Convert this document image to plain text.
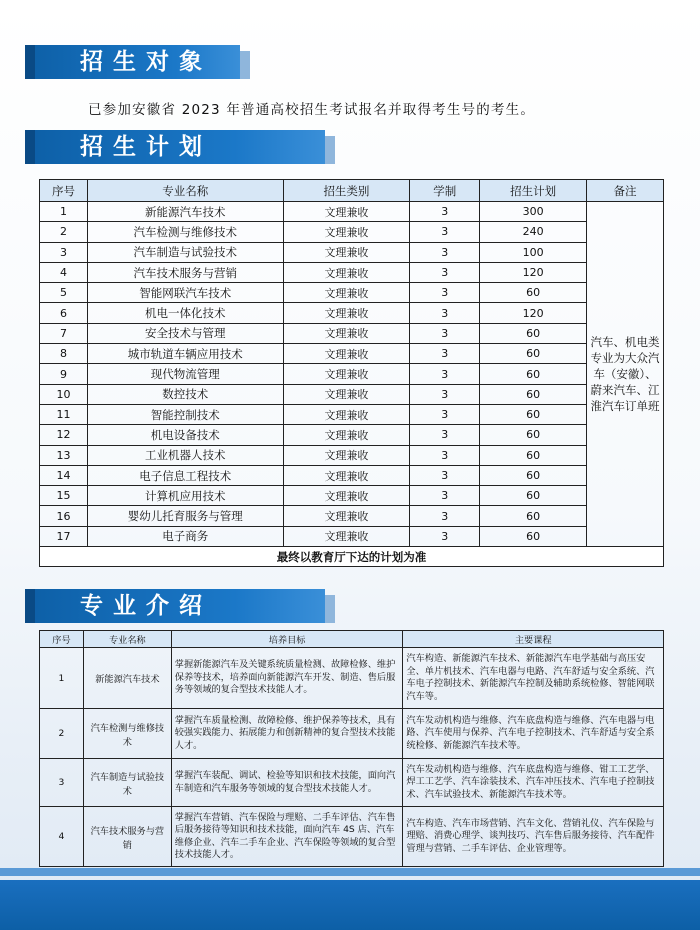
招生对象
已参加安徽省 2023 年普通高校招生考试报名并取得考生号的考生。
招生计划
序号	专业名称	招生类别	学制	招生计划	备注
1	新能源汽车技术	文理兼收	3	300	汽车、机电类专业为大众汽车（安徽）、蔚来汽车、江淮汽车订单班
2	汽车检测与维修技术	文理兼收	3	240	
3	汽车制造与试验技术	文理兼收	3	100	
4	汽车技术服务与营销	文理兼收	3	120	
5	智能网联汽车技术	文理兼收	3	60	
6	机电一体化技术	文理兼收	3	120	
7	安全技术与管理	文理兼收	3	60	
8	城市轨道车辆应用技术	文理兼收	3	60	
9	现代物流管理	文理兼收	3	60	
10	数控技术	文理兼收	3	60	
11	智能控制技术	文理兼收	3	60	
12	机电设备技术	文理兼收	3	60	
13	工业机器人技术	文理兼收	3	60	
14	电子信息工程技术	文理兼收	3	60	
15	计算机应用技术	文理兼收	3	60	
16	婴幼儿托育服务与管理	文理兼收	3	60	
17	电子商务	文理兼收	3	60	
最终以教育厅下达的计划为准					
专业介绍
序号	专业名称	培养目标	主要课程
1	新能源汽车技术	掌握新能源汽车及关键系统质量检测、故障检修、维护保养等技术，培养面向新能源汽车开发、制造、售后服务等领域的复合型技术技能人才。	汽车构造、新能源汽车技术、新能源汽车电学基础与高压安全、单片机技术、汽车电器与电路、汽车舒适与安全系统、汽车电子控制技术、新能源汽车控制及辅助系统检修、智能网联汽车等。
2	汽车检测与维修技术	掌握汽车质量检测、故障检修、维护保养等技术，具有较强实践能力、拓展能力和创新精神的复合型技术技能人才。	汽车发动机构造与维修、汽车底盘构造与维修、汽车电器与电路、汽车使用与保养、汽车电子控制技术、汽车舒适与安全系统检修、新能源汽车技术等。
3	汽车制造与试验技术	掌握汽车装配、调试、检验等知识和技术技能，面向汽车制造和汽车服务等领域的复合型技术技能人才。	汽车发动机构造与维修、汽车底盘构造与维修、钳工工艺学、焊工工艺学、汽车涂装技术、汽车冲压技术、汽车电子控制技术、汽车试验技术、新能源汽车技术等。
4	汽车技术服务与营销	掌握汽车营销、汽车保险与理赔、二手车评估、汽车售后服务接待等知识和技术技能，面向汽车 4S 店、汽车维修企业、汽车二手车企业、汽车保险等领域的复合型技术技能人才。	汽车构造、汽车市场营销、汽车文化、营销礼仪、汽车保险与理赔、消费心理学、谈判技巧、汽车售后服务接待、汽车配件管理与营销、二手车评估、企业管理等。
